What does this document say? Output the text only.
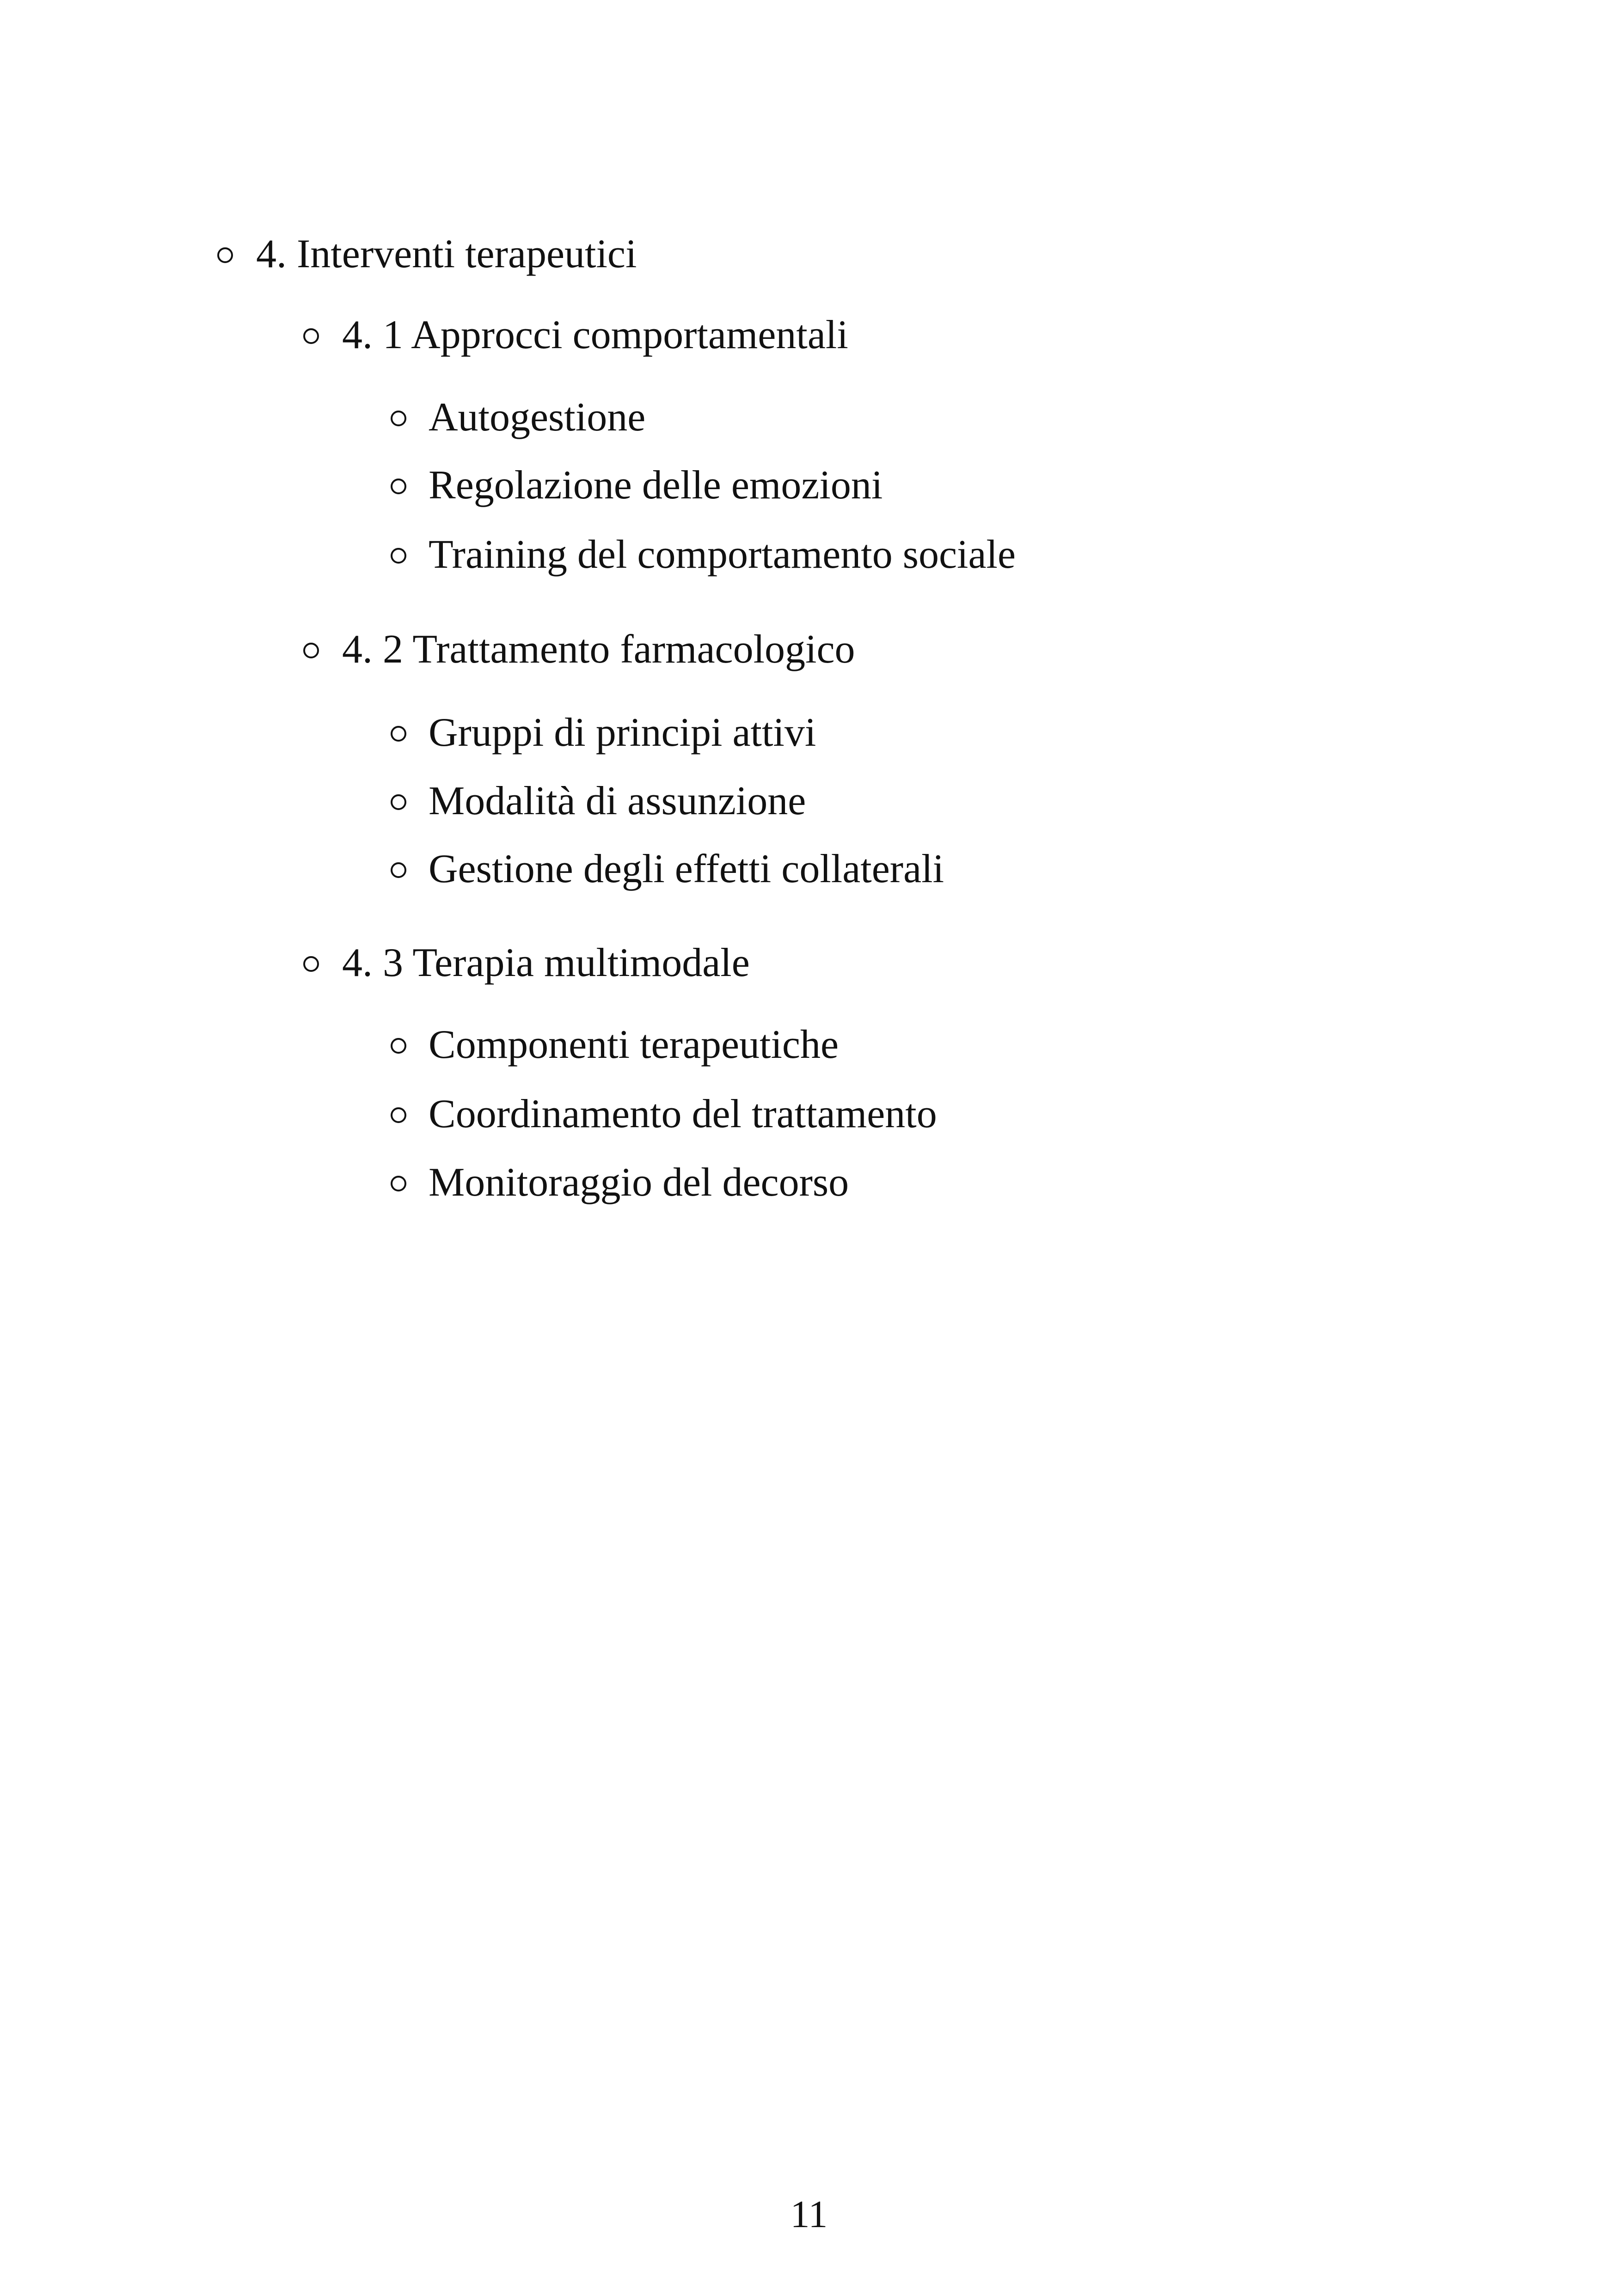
4. Interventi terapeutici
4. 1 Approcci comportamentali
Autogestione
Regolazione delle emozioni
Training del comportamento sociale
4. 2 Trattamento farmacologico
Gruppi di principi attivi
Modalità di assunzione
Gestione degli effetti collaterali
4. 3 Terapia multimodale
Componenti terapeutiche
Coordinamento del trattamento
Monitoraggio del decorso
11
